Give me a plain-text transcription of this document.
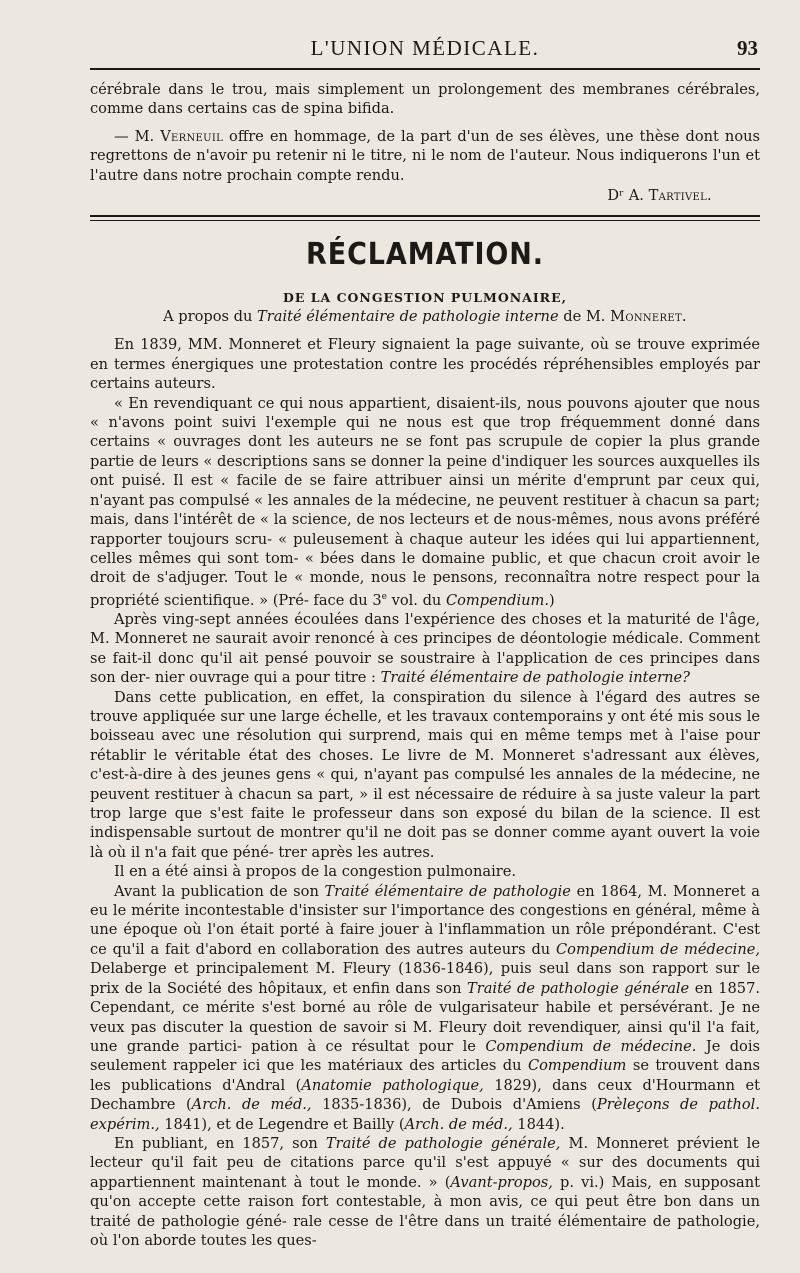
L'UNION MÉDICALE.	93

cérébrale dans le trou, mais simplement un prolongement des membranes cérébrales, comme dans certains cas de spina bifida.

— M. Verneuil offre en hommage, de la part d'un de ses élèves, une thèse dont nous regrettons de n'avoir pu retenir ni le titre, ni le nom de l'auteur. Nous indiquerons l'un et l'autre dans notre prochain compte rendu.

Dʳ A. Tartivel.
RÉCLAMATION.
DE LA CONGESTION PULMONAIRE,
A propos du Traité élémentaire de pathologie interne de M. Monneret.

En 1839, MM. Monneret et Fleury signaient la page suivante, où se trouve exprimée en termes énergiques une protestation contre les procédés répréhensibles employés par certains auteurs.

« En revendiquant ce qui nous appartient, disaient-ils, nous pouvons ajouter que nous « n'avons point suivi l'exemple qui ne nous est que trop fréquemment donné dans certains « ouvrages dont les auteurs ne se font pas scrupule de copier la plus grande partie de leurs « descriptions sans se donner la peine d'indiquer les sources auxquelles ils ont puisé. Il est « facile de se faire attribuer ainsi un mérite d'emprunt par ceux qui, n'ayant pas compulsé « les annales de la médecine, ne peuvent restituer à chacun sa part; mais, dans l'intérêt de « la science, de nos lecteurs et de nous-mêmes, nous avons préféré rapporter toujours scru- « puleusement à chaque auteur les idées qui lui appartiennent, celles mêmes qui sont tom- « bées dans le domaine public, et que chacun croit avoir le droit de s'adjuger. Tout le « monde, nous le pensons, reconnaîtra notre respect pour la propriété scientifique. » (Pré- face du 3e vol. du Compendium.)

Après ving-sept années écoulées dans l'expérience des choses et la maturité de l'âge, M. Monneret ne saurait avoir renoncé à ces principes de déontologie médicale. Comment se fait-il donc qu'il ait pensé pouvoir se soustraire à l'application de ces principes dans son der- nier ouvrage qui a pour titre : Traité élémentaire de pathologie interne?

Dans cette publication, en effet, la conspiration du silence à l'égard des autres se trouve appliquée sur une large échelle, et les travaux contemporains y ont été mis sous le boisseau avec une résolution qui surprend, mais qui en même temps met à l'aise pour rétablir le véritable état des choses. Le livre de M. Monneret s'adressant aux élèves, c'est-à-dire à des jeunes gens « qui, n'ayant pas compulsé les annales de la médecine, ne peuvent restituer à chacun sa part, » il est nécessaire de réduire à sa juste valeur la part trop large que s'est faite le professeur dans son exposé du bilan de la science. Il est indispensable surtout de montrer qu'il ne doit pas se donner comme ayant ouvert la voie là où il n'a fait que péné- trer après les autres.

Il en a été ainsi à propos de la congestion pulmonaire.

Avant la publication de son Traité élémentaire de pathologie en 1864, M. Monneret a eu le mérite incontestable d'insister sur l'importance des congestions en général, même à une époque où l'on était porté à faire jouer à l'inflammation un rôle prépondérant. C'est ce qu'il a fait d'abord en collaboration des autres auteurs du Compendium de médecine, Delaberge et principalement M. Fleury (1836-1846), puis seul dans son rapport sur le prix de la Société des hôpitaux, et enfin dans son Traité de pathologie générale en 1857. Cependant, ce mérite s'est borné au rôle de vulgarisateur habile et persévérant. Je ne veux pas discuter la question de savoir si M. Fleury doit revendiquer, ainsi qu'il l'a fait, une grande partici- pation à ce résultat pour le Compendium de médecine. Je dois seulement rappeler ici que les matériaux des articles du Compendium se trouvent dans les publications d'Andral (Anatomie pathologique, 1829), dans ceux d'Hourmann et Dechambre (Arch. de méd., 1835-1836), de Dubois d'Amiens (Prèleçons de pathol. expérim., 1841), et de Legendre et Bailly (Arch. de méd., 1844).

En publiant, en 1857, son Traité de pathologie générale, M. Monneret prévient le lecteur qu'il fait peu de citations parce qu'il s'est appuyé « sur des documents qui appartiennent maintenant à tout le monde. » (Avant-propos, p. vi.) Mais, en supposant qu'on accepte cette raison fort contestable, à mon avis, ce qui peut être bon dans un traité de pathologie géné- rale cesse de l'être dans un traité élémentaire de pathologie, où l'on aborde toutes les ques-
